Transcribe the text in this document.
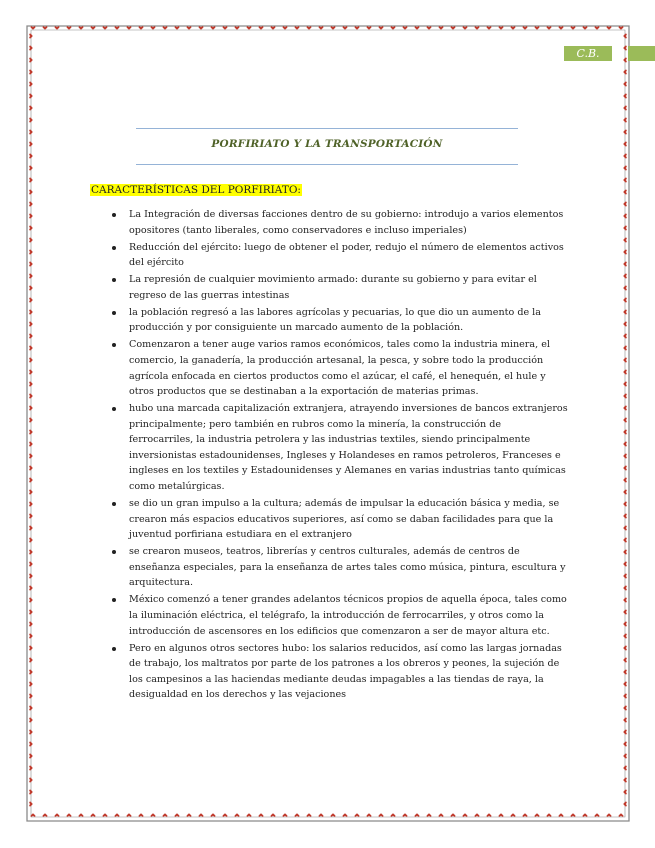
C.B.
PORFIRIATO Y LA TRANSPORTACIÓN
CARACTERÍSTICAS DEL PORFIRIATO:
La Integración de diversas facciones dentro de su gobierno: introdujo a varios elementos opositores (tanto liberales, como conservadores e incluso imperiales)
Reducción del ejército: luego de obtener el poder, redujo el número de elementos activos del ejército
La represión de cualquier movimiento armado: durante su gobierno y para evitar el regreso de las guerras intestinas
la población regresó a las labores agrícolas y pecuarias, lo que dio un aumento de la producción y por consiguiente un marcado aumento de la población.
Comenzaron a tener auge varios ramos económicos, tales como la industria minera, el comercio, la ganadería, la producción artesanal, la pesca, y sobre todo la producción agrícola enfocada en ciertos productos como el azúcar, el café, el henequén, el hule y otros productos que se destinaban a la exportación de materias primas.
hubo una marcada capitalización extranjera, atrayendo inversiones de bancos extranjeros principalmente; pero también en rubros como la minería, la construcción de ferrocarriles, la industria petrolera y las industrias textiles, siendo principalmente inversionistas estadounidenses, Ingleses y Holandeses en ramos petroleros, Franceses e ingleses en los textiles y Estadounidenses y Alemanes en varias industrias tanto químicas como metalúrgicas.
se dio un gran impulso a la cultura; además de impulsar la educación básica y media, se crearon más espacios educativos superiores, así como se daban facilidades para que la juventud porfiriana estudiara en el extranjero
se crearon museos, teatros, librerías y centros culturales, además de centros de enseñanza especiales, para la enseñanza de artes tales como música, pintura, escultura y arquitectura.
México comenzó a tener grandes adelantos técnicos propios de aquella época, tales como la iluminación eléctrica, el telégrafo, la introducción de ferrocarriles, y otros como la introducción de ascensores en los edificios que comenzaron a ser de mayor altura etc.
Pero en algunos otros sectores hubo: los salarios reducidos, así como las largas jornadas de trabajo, los maltratos por parte de los patrones a los obreros y peones, la sujeción de los campesinos a las haciendas mediante deudas impagables a las tiendas de raya, la desigualdad en los derechos y las vejaciones
